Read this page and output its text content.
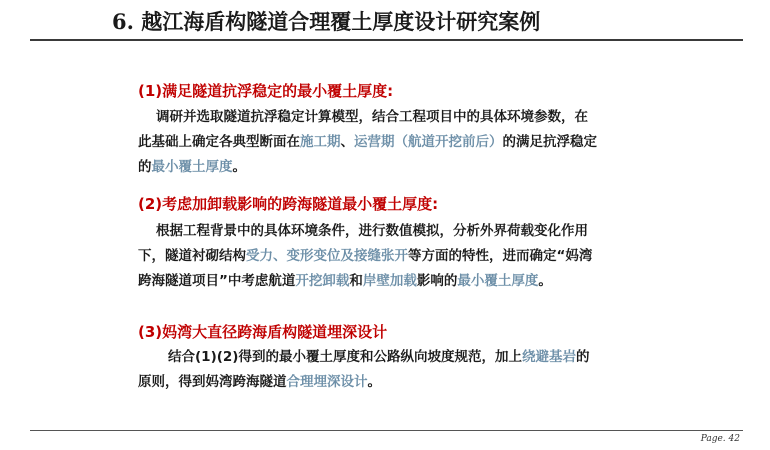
6. 越江海盾构隧道合理覆土厚度设计研究案例
(1)满足隧道抗浮稳定的最小覆土厚度:
调研并选取隧道抗浮稳定计算模型，结合工程项目中的具体环境参数，在
此基础上确定各典型断面在施工期、运营期（航道开挖前后）的满足抗浮稳定
的最小覆土厚度。
(2)考虑加卸载影响的跨海隧道最小覆土厚度:
根据工程背景中的具体环境条件，进行数值模拟，分析外界荷载变化作用
下，隧道衬砌结构受力、变形变位及接缝张开等方面的特性，进而确定“妈湾
跨海隧道项目”中考虑航道开挖卸载和岸壁加载影响的最小覆土厚度。
(3)妈湾大直径跨海盾构隧道埋深设计
结合(1)(2)得到的最小覆土厚度和公路纵向坡度规范，加上绕避基岩的
原则，得到妈湾跨海隧道合理埋深设计。
Page. 42
